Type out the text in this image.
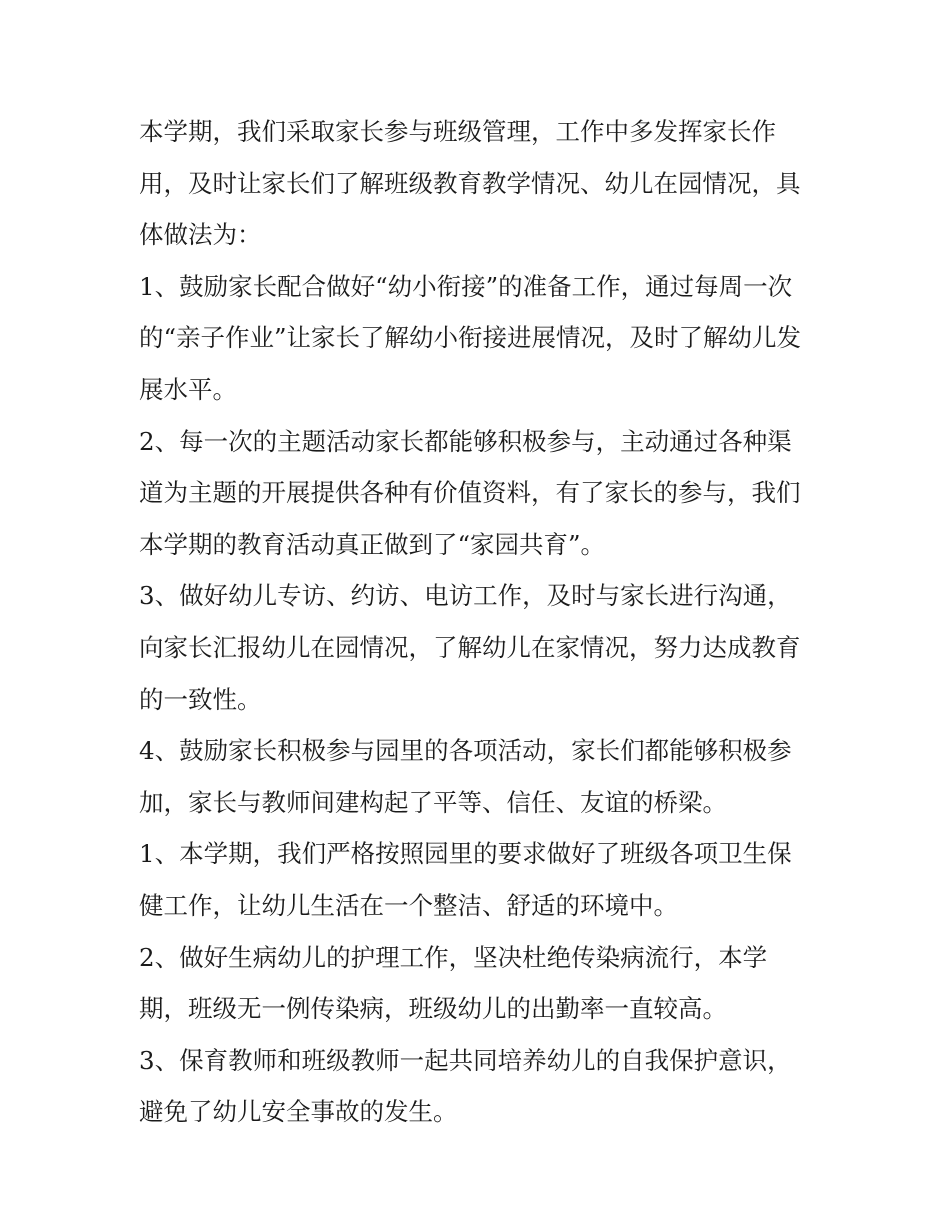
本学期，我们采取家长参与班级管理，工作中多发挥家长作
用，及时让家长们了解班级教育教学情况、幼儿在园情况，具
体做法为：
1、鼓励家长配合做好“幼小衔接”的准备工作，通过每周一次
的“亲子作业”让家长了解幼小衔接进展情况，及时了解幼儿发
展水平。
2、每一次的主题活动家长都能够积极参与，主动通过各种渠
道为主题的开展提供各种有价值资料，有了家长的参与，我们
本学期的教育活动真正做到了“家园共育”。
3、做好幼儿专访、约访、电访工作，及时与家长进行沟通，
向家长汇报幼儿在园情况，了解幼儿在家情况，努力达成教育
的一致性。
4、鼓励家长积极参与园里的各项活动，家长们都能够积极参
加，家长与教师间建构起了平等、信任、友谊的桥梁。
1、本学期，我们严格按照园里的要求做好了班级各项卫生保
健工作，让幼儿生活在一个整洁、舒适的环境中。
2、做好生病幼儿的护理工作，坚决杜绝传染病流行，本学
期，班级无一例传染病，班级幼儿的出勤率一直较高。
3、保育教师和班级教师一起共同培养幼儿的自我保护意识，
避免了幼儿安全事故的发生。
